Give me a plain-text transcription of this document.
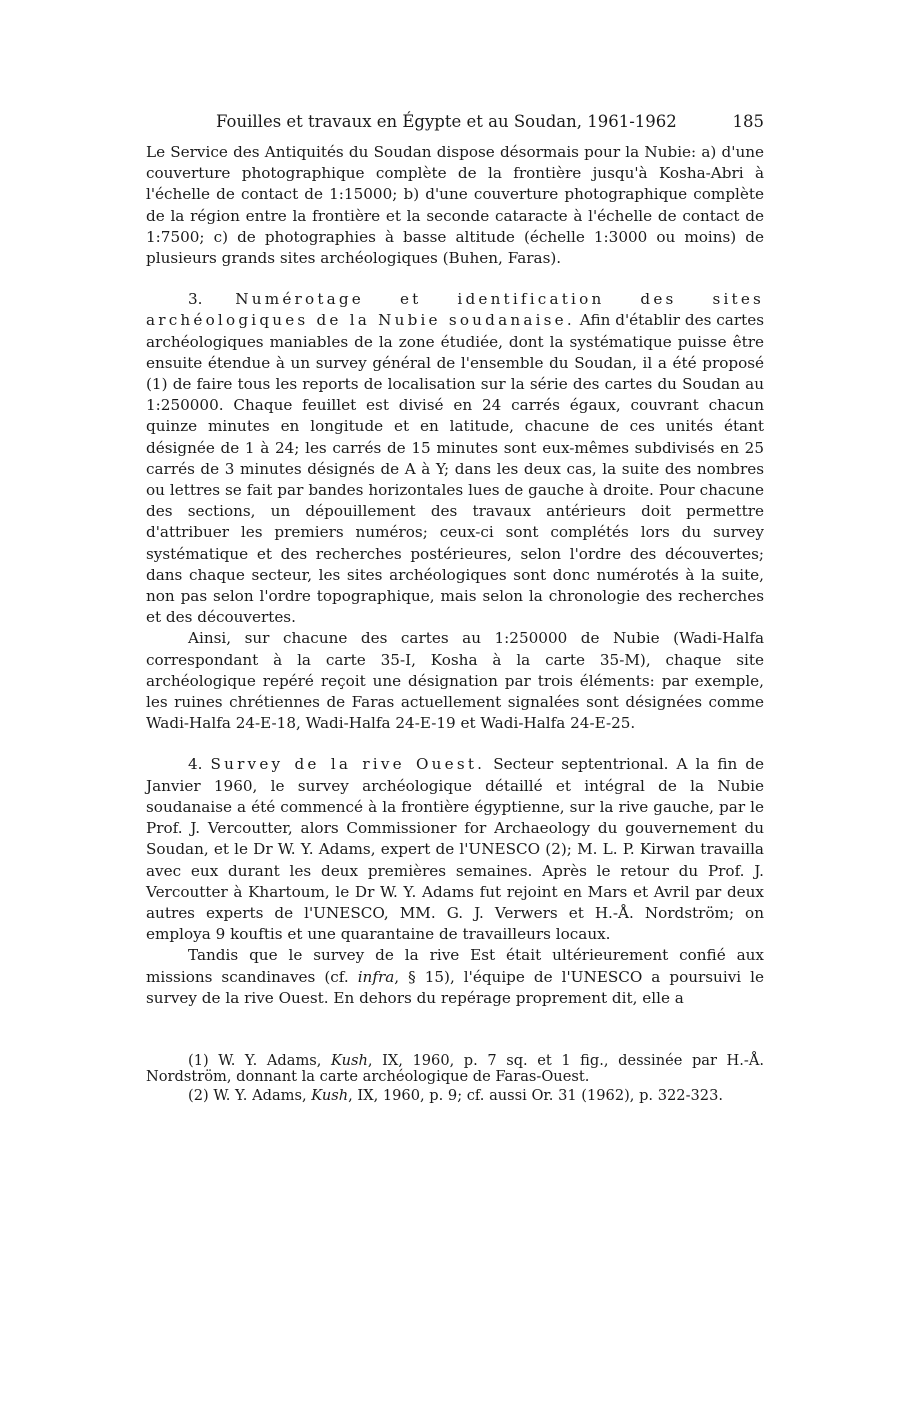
Fouilles et travaux en Égypte et au Soudan, 1961-1962	185

Le Service des Antiquités du Soudan dispose désormais pour la Nubie: a) d'une couverture photographique complète de la frontière jusqu'à Kosha-Abri à l'échelle de contact de 1:15000; b) d'une couverture photographique complète de la région entre la frontière et la seconde cataracte à l'échelle de contact de 1:7500; c) de photographies à basse altitude (échelle 1:3000 ou moins) de plusieurs grands sites archéologiques (Buhen, Faras).

3. Numérotage et identification des sites archéologiques de la Nubie soudanaise. Afin d'établir des cartes archéologiques maniables de la zone étudiée, dont la systématique puisse être ensuite étendue à un survey général de l'ensemble du Soudan, il a été proposé (1) de faire tous les reports de localisation sur la série des cartes du Soudan au 1:250000. Chaque feuillet est divisé en 24 carrés égaux, couvrant chacun quinze minutes en longitude et en latitude, chacune de ces unités étant désignée de 1 à 24; les carrés de 15 minutes sont eux-mêmes subdivisés en 25 carrés de 3 minutes désignés de A à Y; dans les deux cas, la suite des nombres ou lettres se fait par bandes horizontales lues de gauche à droite. Pour chacune des sections, un dépouillement des travaux antérieurs doit permettre d'attribuer les premiers numéros; ceux-ci sont complétés lors du survey systématique et des recherches postérieures, selon l'ordre des découvertes; dans chaque secteur, les sites archéologiques sont donc numérotés à la suite, non pas selon l'ordre topographique, mais selon la chronologie des recherches et des découvertes.

Ainsi, sur chacune des cartes au 1:250000 de Nubie (Wadi-Halfa correspondant à la carte 35-I, Kosha à la carte 35-M), chaque site archéologique repéré reçoit une désignation par trois éléments: par exemple, les ruines chrétiennes de Faras actuellement signalées sont désignées comme Wadi-Halfa 24-E-18, Wadi-Halfa 24-E-19 et Wadi-Halfa 24-E-25.

4. Survey de la rive Ouest. Secteur septentrional. A la fin de Janvier 1960, le survey archéologique détaillé et intégral de la Nubie soudanaise a été commencé à la frontière égyptienne, sur la rive gauche, par le Prof. J. Vercoutter, alors Commissioner for Archaeology du gouvernement du Soudan, et le Dr W. Y. Adams, expert de l'UNESCO (2); M. L. P. Kirwan travailla avec eux durant les deux premières semaines. Après le retour du Prof. J. Vercoutter à Khartoum, le Dr W. Y. Adams fut rejoint en Mars et Avril par deux autres experts de l'UNESCO, MM. G. J. Verwers et H.-Å. Nordström; on employa 9 kouftis et une quarantaine de travailleurs locaux.

Tandis que le survey de la rive Est était ultérieurement confié aux missions scandinaves (cf. infra, § 15), l'équipe de l'UNESCO a poursuivi le survey de la rive Ouest. En dehors du repérage proprement dit, elle a

(1) W. Y. Adams, Kush, IX, 1960, p. 7 sq. et 1 fig., dessinée par H.-Å. Nordström, donnant la carte archéologique de Faras-Ouest.

(2) W. Y. Adams, Kush, IX, 1960, p. 9; cf. aussi Or. 31 (1962), p. 322-323.
